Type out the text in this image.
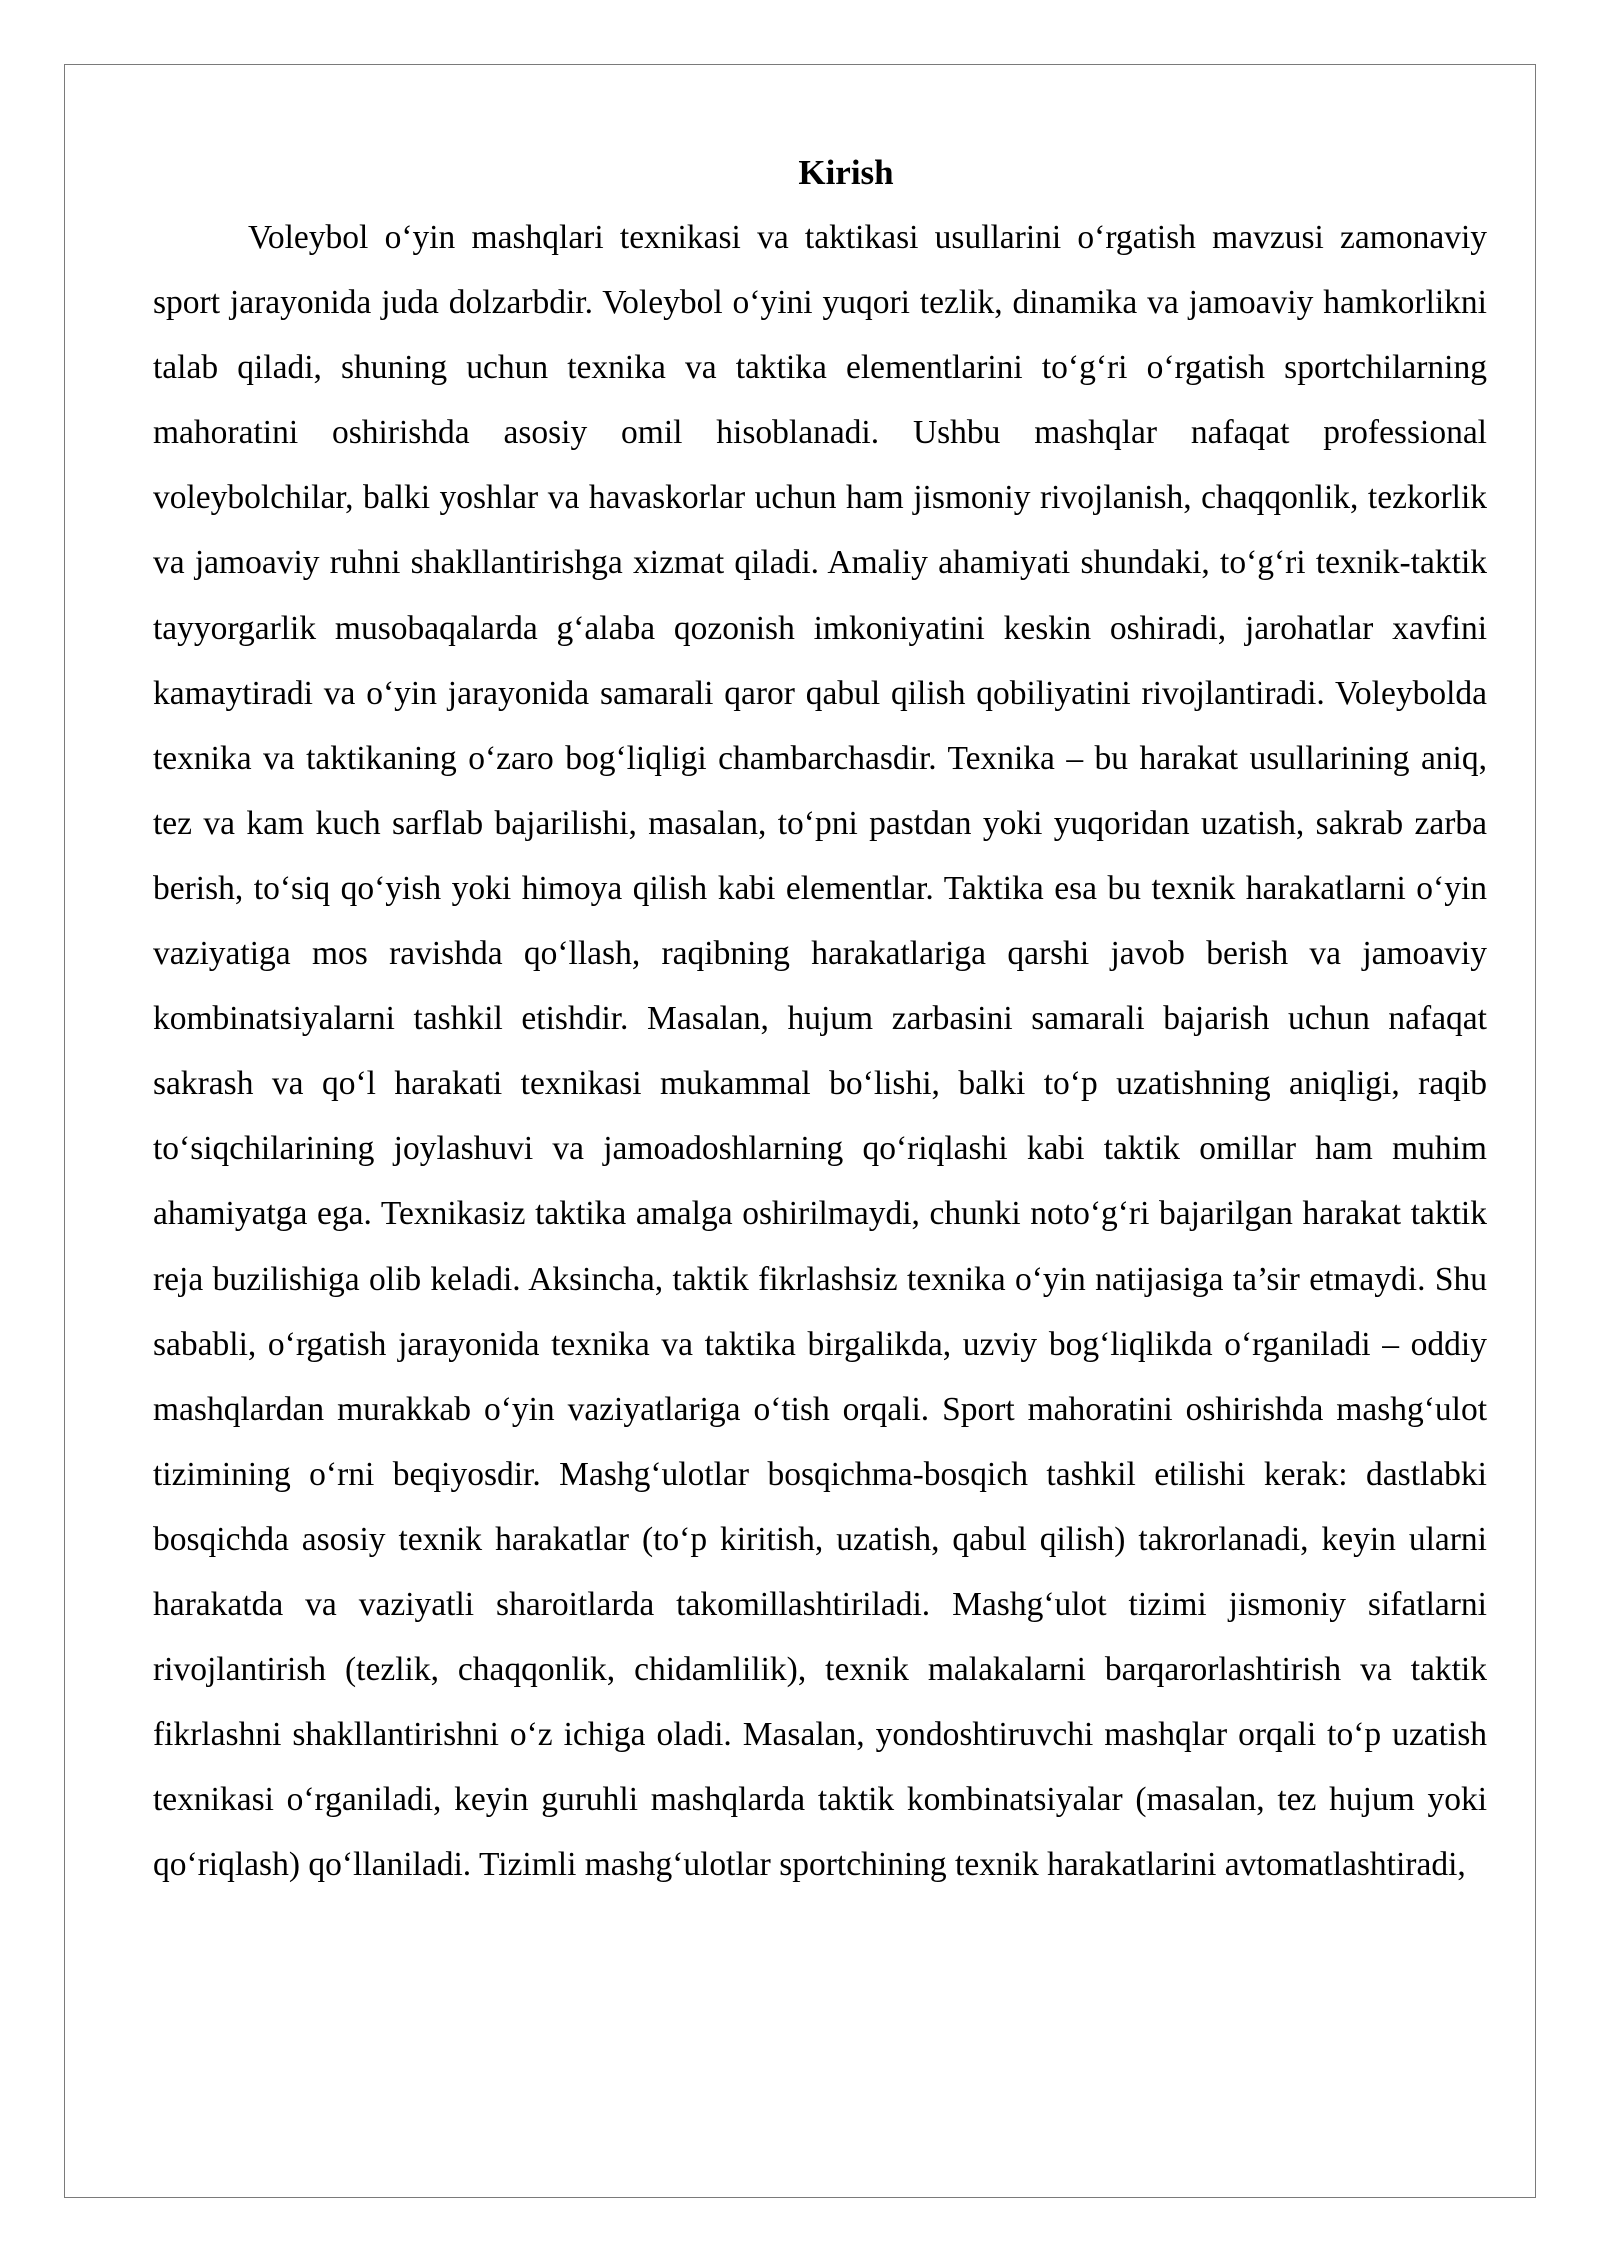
Kirish

Voleybol o‘yin mashqlari texnikasi va taktikasi usullarini o‘rgatish mavzusi zamonaviy sport jarayonida juda dolzarbdir. Voleybol o‘yini yuqori tezlik, dinamika va jamoaviy hamkorlikni talab qiladi, shuning uchun texnika va taktika elementlarini to‘g‘ri o‘rgatish sportchilarning mahoratini oshirishda asosiy omil hisoblanadi. Ushbu mashqlar nafaqat professional voleybolchilar, balki yoshlar va havaskorlar uchun ham jismoniy rivojlanish, chaqqonlik, tezkorlik va jamoaviy ruhni shakllantirishga xizmat qiladi. Amaliy ahamiyati shundaki, to‘g‘ri texnik-taktik tayyorgarlik musobaqalarda g‘alaba qozonish imkoniyatini keskin oshiradi, jarohatlar xavfini kamaytiradi va o‘yin jarayonida samarali qaror qabul qilish qobiliyatini rivojlantiradi. Voleybolda texnika va taktikaning o‘zaro bog‘liqligi chambarchasdir. Texnika – bu harakat usullarining aniq, tez va kam kuch sarflab bajarilishi, masalan, to‘pni pastdan yoki yuqoridan uzatish, sakrab zarba berish, to‘siq qo‘yish yoki himoya qilish kabi elementlar. Taktika esa bu texnik harakatlarni o‘yin vaziyatiga mos ravishda qo‘llash, raqibning harakatlariga qarshi javob berish va jamoaviy kombinatsiyalarni tashkil etishdir. Masalan, hujum zarbasini samarali bajarish uchun nafaqat sakrash va qo‘l harakati texnikasi mukammal bo‘lishi, balki to‘p uzatishning aniqligi, raqib to‘siqchilarining joylashuvi va jamoadoshlarning qo‘riqlashi kabi taktik omillar ham muhim ahamiyatga ega. Texnikasiz taktika amalga oshirilmaydi, chunki noto‘g‘ri bajarilgan harakat taktik reja buzilishiga olib keladi. Aksincha, taktik fikrlashsiz texnika o‘yin natijasiga ta’sir etmaydi. Shu sababli, o‘rgatish jarayonida texnika va taktika birgalikda, uzviy bog‘liqlikda o‘rganiladi – oddiy mashqlardan murakkab o‘yin vaziyatlariga o‘tish orqali. Sport mahoratini oshirishda mashg‘ulot tizimining o‘rni beqiyosdir. Mashg‘ulotlar bosqichma-bosqich tashkil etilishi kerak: dastlabki bosqichda asosiy texnik harakatlar (to‘p kiritish, uzatish, qabul qilish) takrorlanadi, keyin ularni harakatda va vaziyatli sharoitlarda takomillashtiriladi. Mashg‘ulot tizimi jismoniy sifatlarni rivojlantirish (tezlik, chaqqonlik, chidamlilik), texnik malakalarni barqarorlashtirish va taktik fikrlashni shakllantirishni o‘z ichiga oladi. Masalan, yondoshtiruvchi mashqlar orqali to‘p uzatish texnikasi o‘rganiladi, keyin guruhli mashqlarda taktik kombinatsiyalar (masalan, tez hujum yoki qo‘riqlash) qo‘llaniladi. Tizimli mashg‘ulotlar sportchining texnik harakatlarini avtomatlashtiradi,
